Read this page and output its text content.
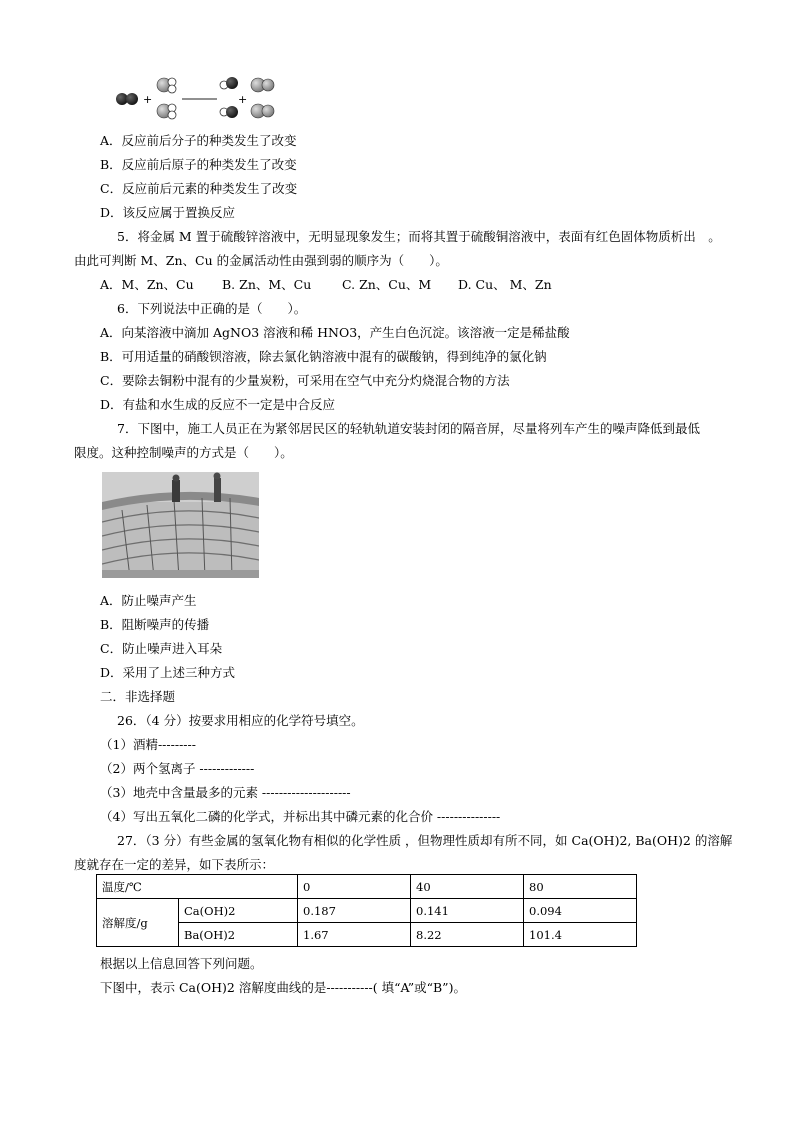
+	+
A．反应前后分子的种类发生了改变
B．反应前后原子的种类发生了改变
C．反应前后元素的种类发生了改变
D．该反应属于置换反应
5．将金属 M 置于硫酸锌溶液中，无明显现象发生；而将其置于硫酸铜溶液中，表面有红色固体物质析出　。
由此可判断 M、Zn、Cu 的金属活动性由强到弱的顺序为（　　）。
A．M、Zn、Cu B. Zn、M、Cu C. Zn、Cu、M D. Cu、 M、Zn
6．下列说法中正确的是（　　）。
A．向某溶液中滴加 AgNO3 溶液和稀 HNO3，产生白色沉淀。该溶液一定是稀盐酸
B．可用适量的硝酸钡溶液，除去氯化钠溶液中混有的碳酸钠，得到纯净的氯化钠
C．要除去铜粉中混有的少量炭粉，可采用在空气中充分灼烧混合物的方法
D．有盐和水生成的反应不一定是中合反应
7．下图中，施工人员正在为紧邻居民区的轻轨轨道安装封闭的隔音屏，尽量将列车产生的噪声降低到最低
限度。这种控制噪声的方式是（　　）。
A．防止噪声产生
B．阻断噪声的传播
C．防止噪声进入耳朵
D．采用了上述三种方式
二．非选择题
26．（4 分）按要求用相应的化学符号填空。
（1）酒精---------
（2）两个氢离子 -------------
（3）地壳中含量最多的元素 ---------------------
（4）写出五氧化二磷的化学式，并标出其中磷元素的化合价 ---------------
27．（3 分）有些金属的氢氧化物有相似的化学性质 ，但物理性质却有所不同，如 Ca(OH)2, Ba(OH)2 的溶解
度就存在一定的差异，如下表所示：
温度/℃		0	40	80
溶解度/g	Ca(OH)2	0.187	0.141	0.094
	Ba(OH)2	1.67	8.22	101.4
根据以上信息回答下列问题。
下图中，表示 Ca(OH)2 溶解度曲线的是-----------( 填“A”或“B”)。
